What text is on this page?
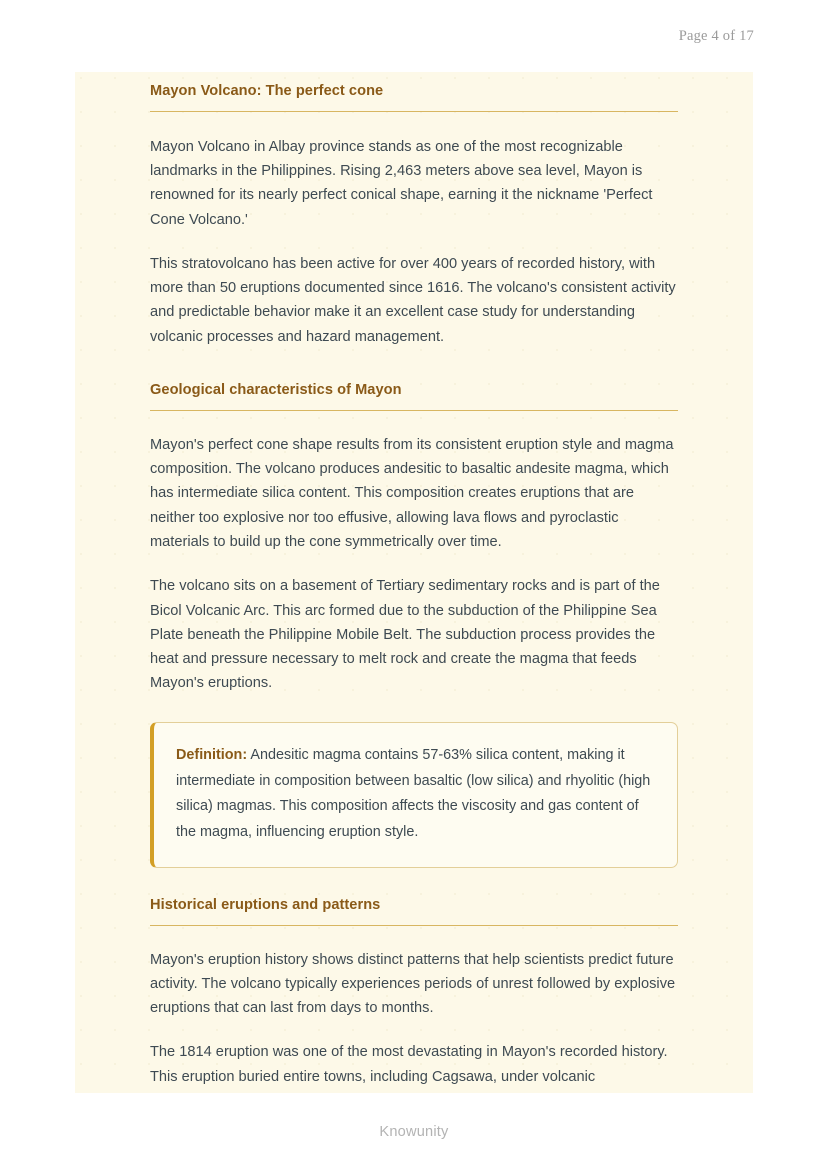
Page 4 of 17
Mayon Volcano: The perfect cone

Mayon Volcano in Albay province stands as one of the most recognizable landmarks in the Philippines. Rising 2,463 meters above sea level, Mayon is renowned for its nearly perfect conical shape, earning it the nickname 'Perfect Cone Volcano.'

This stratovolcano has been active for over 400 years of recorded history, with more than 50 eruptions documented since 1616. The volcano's consistent activity and predictable behavior make it an excellent case study for understanding volcanic processes and hazard management.

Geological characteristics of Mayon

Mayon's perfect cone shape results from its consistent eruption style and magma composition. The volcano produces andesitic to basaltic andesite magma, which has intermediate silica content. This composition creates eruptions that are neither too explosive nor too effusive, allowing lava flows and pyroclastic materials to build up the cone symmetrically over time.

The volcano sits on a basement of Tertiary sedimentary rocks and is part of the Bicol Volcanic Arc. This arc formed due to the subduction of the Philippine Sea Plate beneath the Philippine Mobile Belt. The subduction process provides the heat and pressure necessary to melt rock and create the magma that feeds Mayon's eruptions.

Definition: Andesitic magma contains 57-63% silica content, making it intermediate in composition between basaltic (low silica) and rhyolitic (high silica) magmas. This composition affects the viscosity and gas content of the magma, influencing eruption style.

Historical eruptions and patterns

Mayon's eruption history shows distinct patterns that help scientists predict future activity. The volcano typically experiences periods of unrest followed by explosive eruptions that can last from days to months.

The 1814 eruption was one of the most devastating in Mayon's recorded history. This eruption buried entire towns, including Cagsawa, under volcanic

Knowunity
